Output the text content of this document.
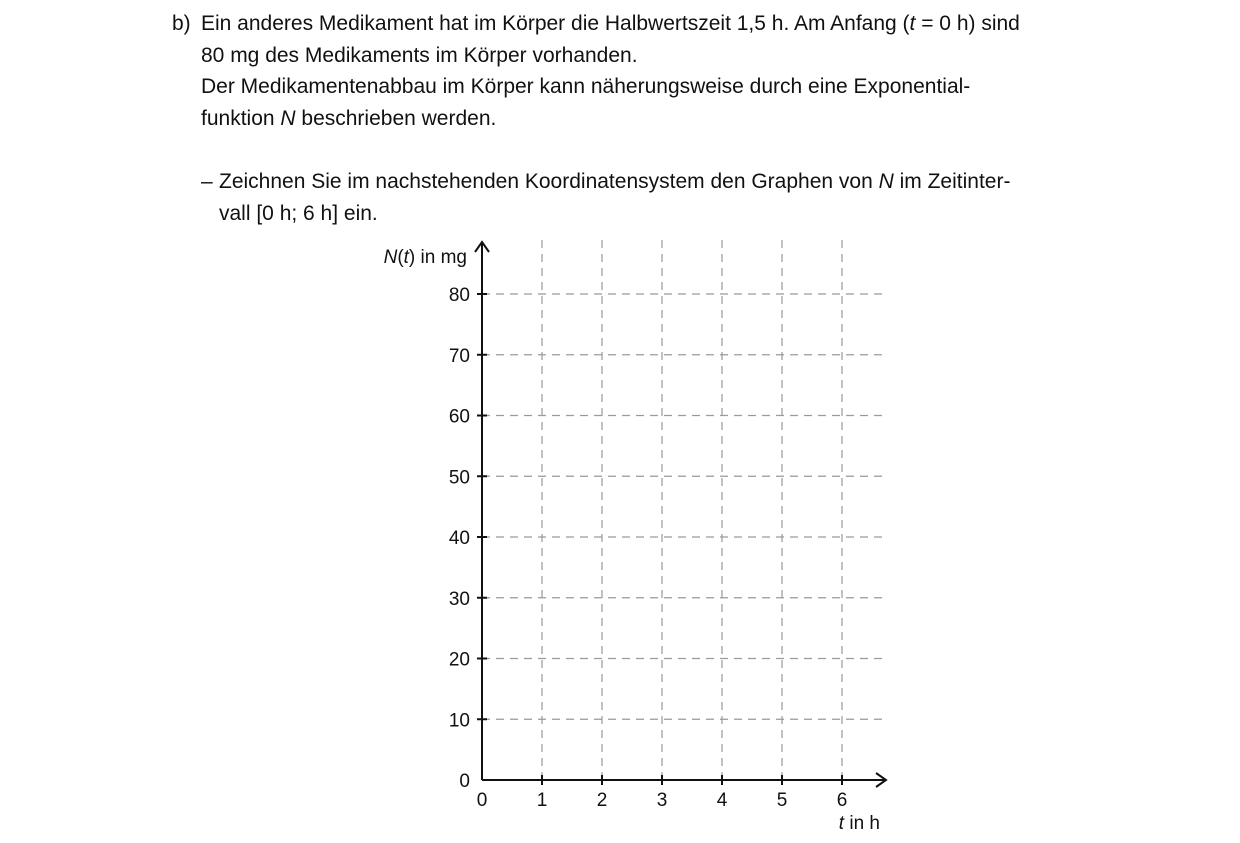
b) Ein anderes Medikament hat im Körper die Halbwertszeit 1,5 h. Am Anfang (t = 0 h) sind
80 mg des Medikaments im Körper vorhanden.
Der Medikamentenabbau im Körper kann näherungsweise durch eine Exponential-
funktion N beschrieben werden.

– Zeichnen Sie im nachstehenden Koordinatensystem den Graphen von N im Zeitinter-
vall [0 h; 6 h] ein.

0	1	2	3	4	5	6
0
10
20
30
40
50
60
70
80
N(t) in mg
t in h
